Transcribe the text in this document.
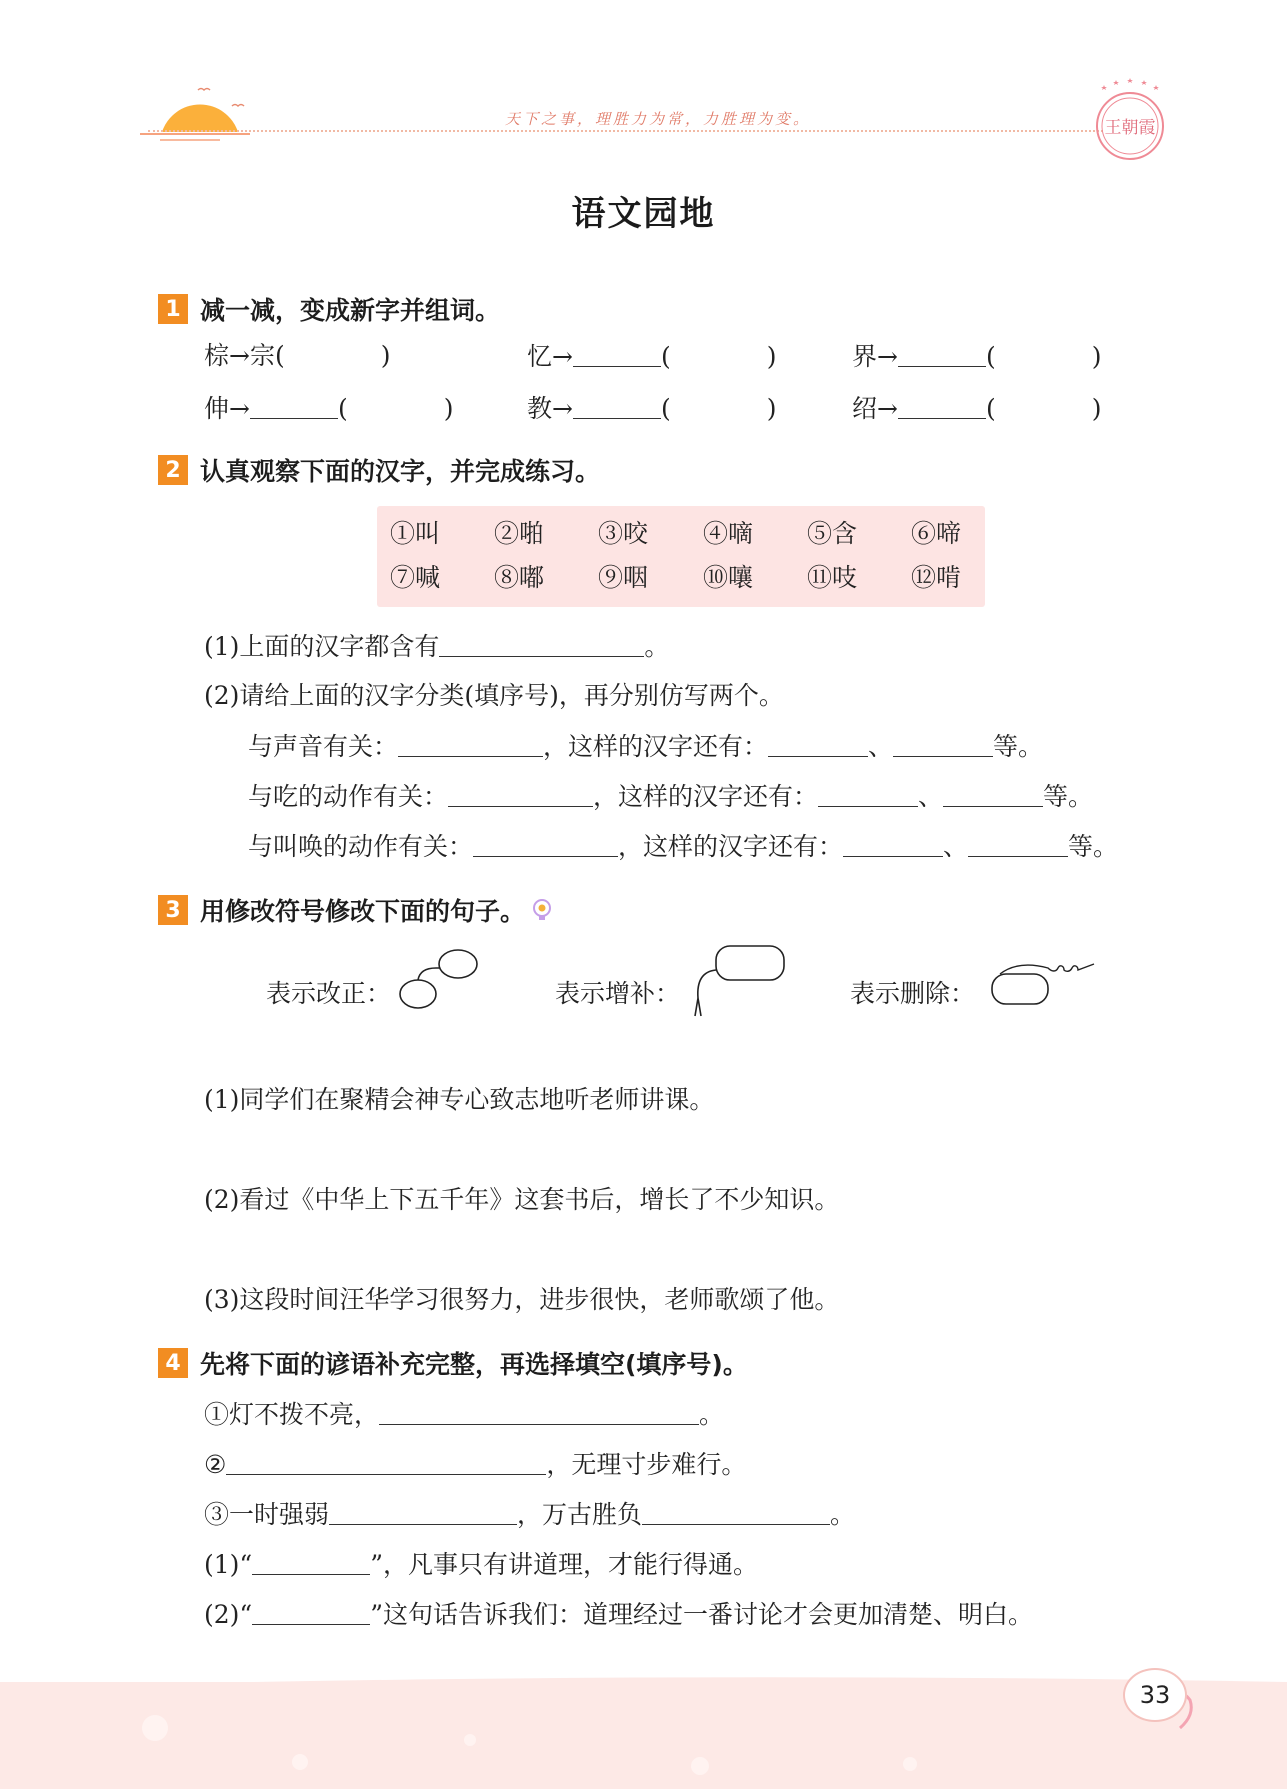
天下之事，理胜力为常，力胜理为变。	王朝霞
语文园地
1 减一减，变成新字并组词。
棕→宗(	)	忆→	(	)	界→	(	)
伸→	(	)	教→	(	)	绍→	(	)
2 认真观察下面的汉字，并完成练习。
①叫 ②啪 ③咬 ④嘀 ⑤含 ⑥啼
⑦喊 ⑧嘟 ⑨咽 ⑩嚷 ⑪吱 ⑫啃
(1)上面的汉字都含有	。
(2)请给上面的汉字分类(填序号)，再分别仿写两个。
与声音有关：	，这样的汉字还有：	、	等。
与吃的动作有关：	，这样的汉字还有：	、	等。
与叫唤的动作有关：	，这样的汉字还有：	、	等。
3 用修改符号修改下面的句子。
表示改正：	表示增补：	表示删除：
(1)同学们在聚精会神专心致志地听老师讲课。
(2)看过《中华上下五千年》这套书后，增长了不少知识。
(3)这段时间汪华学习很努力，进步很快，老师歌颂了他。
4 先将下面的谚语补充完整，再选择填空(填序号)。
①灯不拨不亮，	。
②	，无理寸步难行。
③一时强弱	，万古胜负	。
(1)“	”，凡事只有讲道理，才能行得通。
(2)“	”这句话告诉我们：道理经过一番讨论才会更加清楚、明白。
33
